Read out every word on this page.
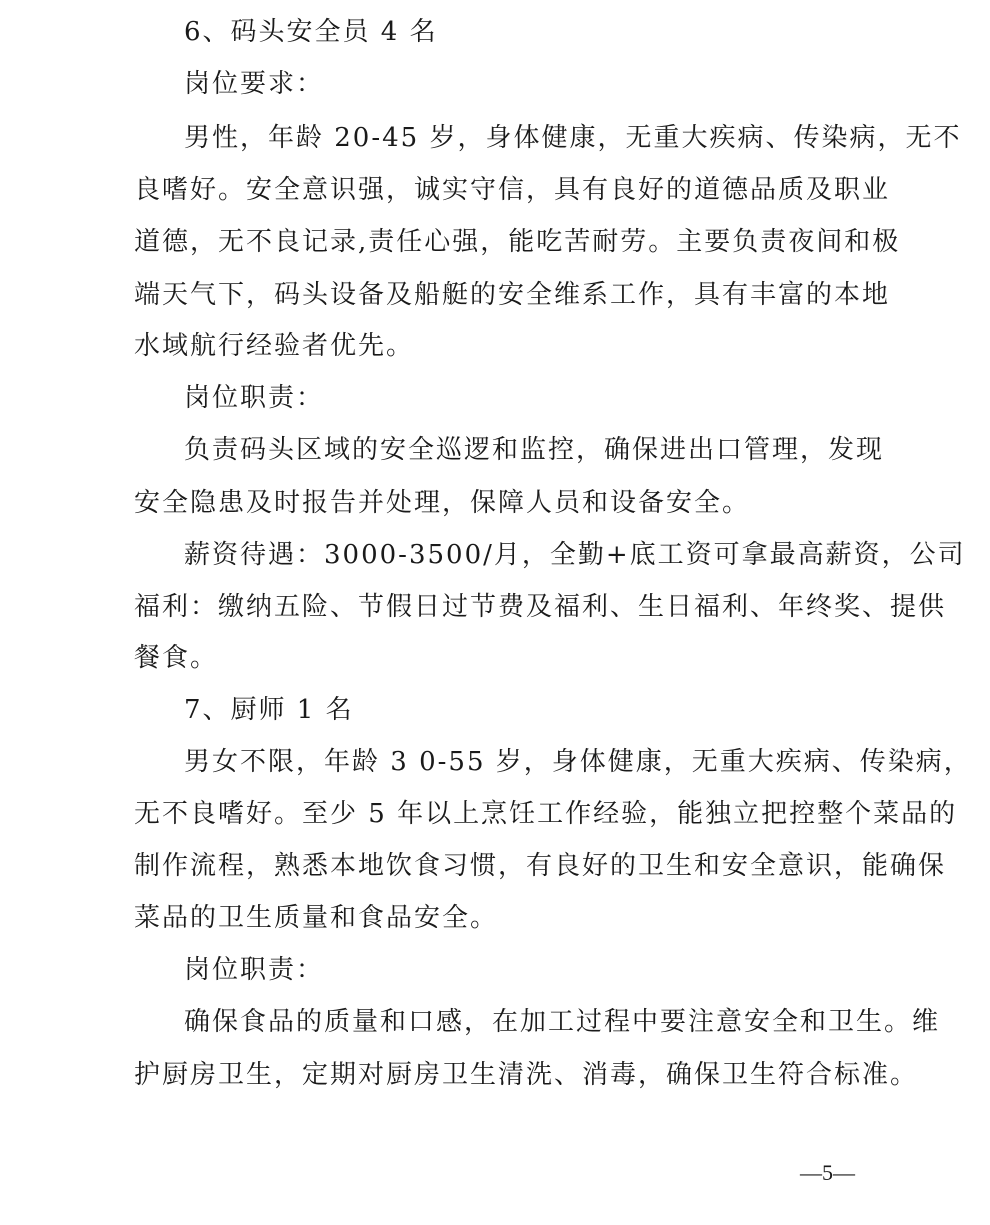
6、码头安全员 4 名
岗位要求：
男性，年龄 20-45 岁，身体健康，无重大疾病、传染病，无不
良嗜好。安全意识强，诚实守信，具有良好的道德品质及职业
道德，无不良记录,责任心强，能吃苦耐劳。主要负责夜间和极
端天气下，码头设备及船艇的安全维系工作，具有丰富的本地
水域航行经验者优先。
岗位职责：
负责码头区域的安全巡逻和监控，确保进出口管理，发现
安全隐患及时报告并处理，保障人员和设备安全。
薪资待遇：3000-3500/月，全勤+底工资可拿最高薪资，公司
福利：缴纳五险、节假日过节费及福利、生日福利、年终奖、提供
餐食。
7、厨师 1 名
男女不限，年龄 3 0-55 岁，身体健康，无重大疾病、传染病，
无不良嗜好。至少 5 年以上烹饪工作经验，能独立把控整个菜品的
制作流程，熟悉本地饮食习惯，有良好的卫生和安全意识，能确保
菜品的卫生质量和食品安全。
岗位职责：
确保食品的质量和口感，在加工过程中要注意安全和卫生。维
护厨房卫生，定期对厨房卫生清洗、消毒，确保卫生符合标准。
—5—
